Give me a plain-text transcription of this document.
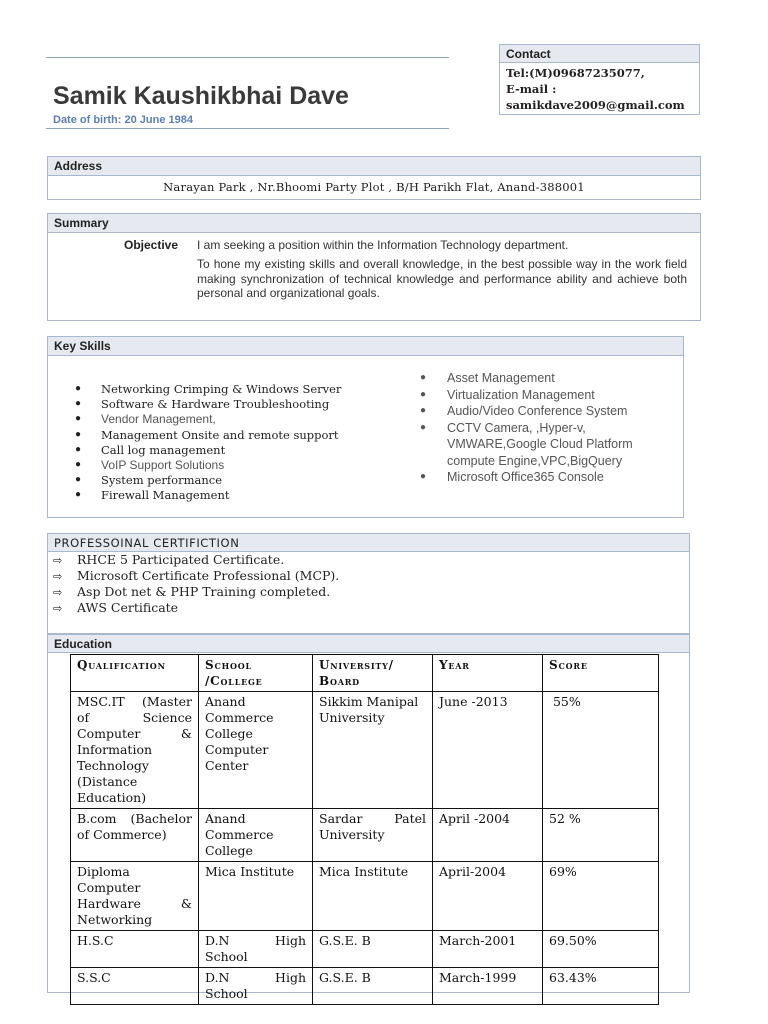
Samik Kaushikbhai Dave
Date of birth: 20 June 1984
Contact
Tel:(M)09687235077,
E-mail :
samikdave2009@gmail.com
Address
Narayan Park , Nr.Bhoomi Party Plot , B/H Parikh Flat, Anand-388001
Summary
Objective I am seeking a position within the Information Technology department.
To hone my existing skills and overall knowledge, in the best possible way in the work field making synchronization of technical knowledge and performance ability and achieve both personal and organizational goals.
Key Skills
● Networking Crimping & Windows Server
● Software & Hardware Troubleshooting
● Vendor Management,
● Management Onsite and remote support
● Call log management
● VoIP Support Solutions
● System performance
● Firewall Management
● Asset Management
● Virtualization Management
● Audio/Video Conference System
● CCTV Camera, ,Hyper-v, VMWARE,Google Cloud Platform compute Engine,VPC,BigQuery
● Microsoft Office365 Console
PROFESSOINAL CERTIFICTION
⇨ RHCE 5 Participated Certificate.
⇨ Microsoft Certificate Professional (MCP).
⇨ Asp Dot net & PHP Training completed.
⇨ AWS Certificate
Education
Qualification	School /College	University/ Board	Year	Score
MSC.IT (Master of Science Computer & Information Technology (Distance Education)	Anand Commerce College Computer Center	Sikkim Manipal University	June -2013	55%
B.com (Bachelor of Commerce)	Anand Commerce College	Sardar Patel University	April -2004	52 %
Diploma Computer Hardware & Networking	Mica Institute	Mica Institute	April-2004	69%
H.S.C	D.N High School	G.S.E. B	March-2001	69.50%
S.S.C	D.N High School	G.S.E. B	March-1999	63.43%
